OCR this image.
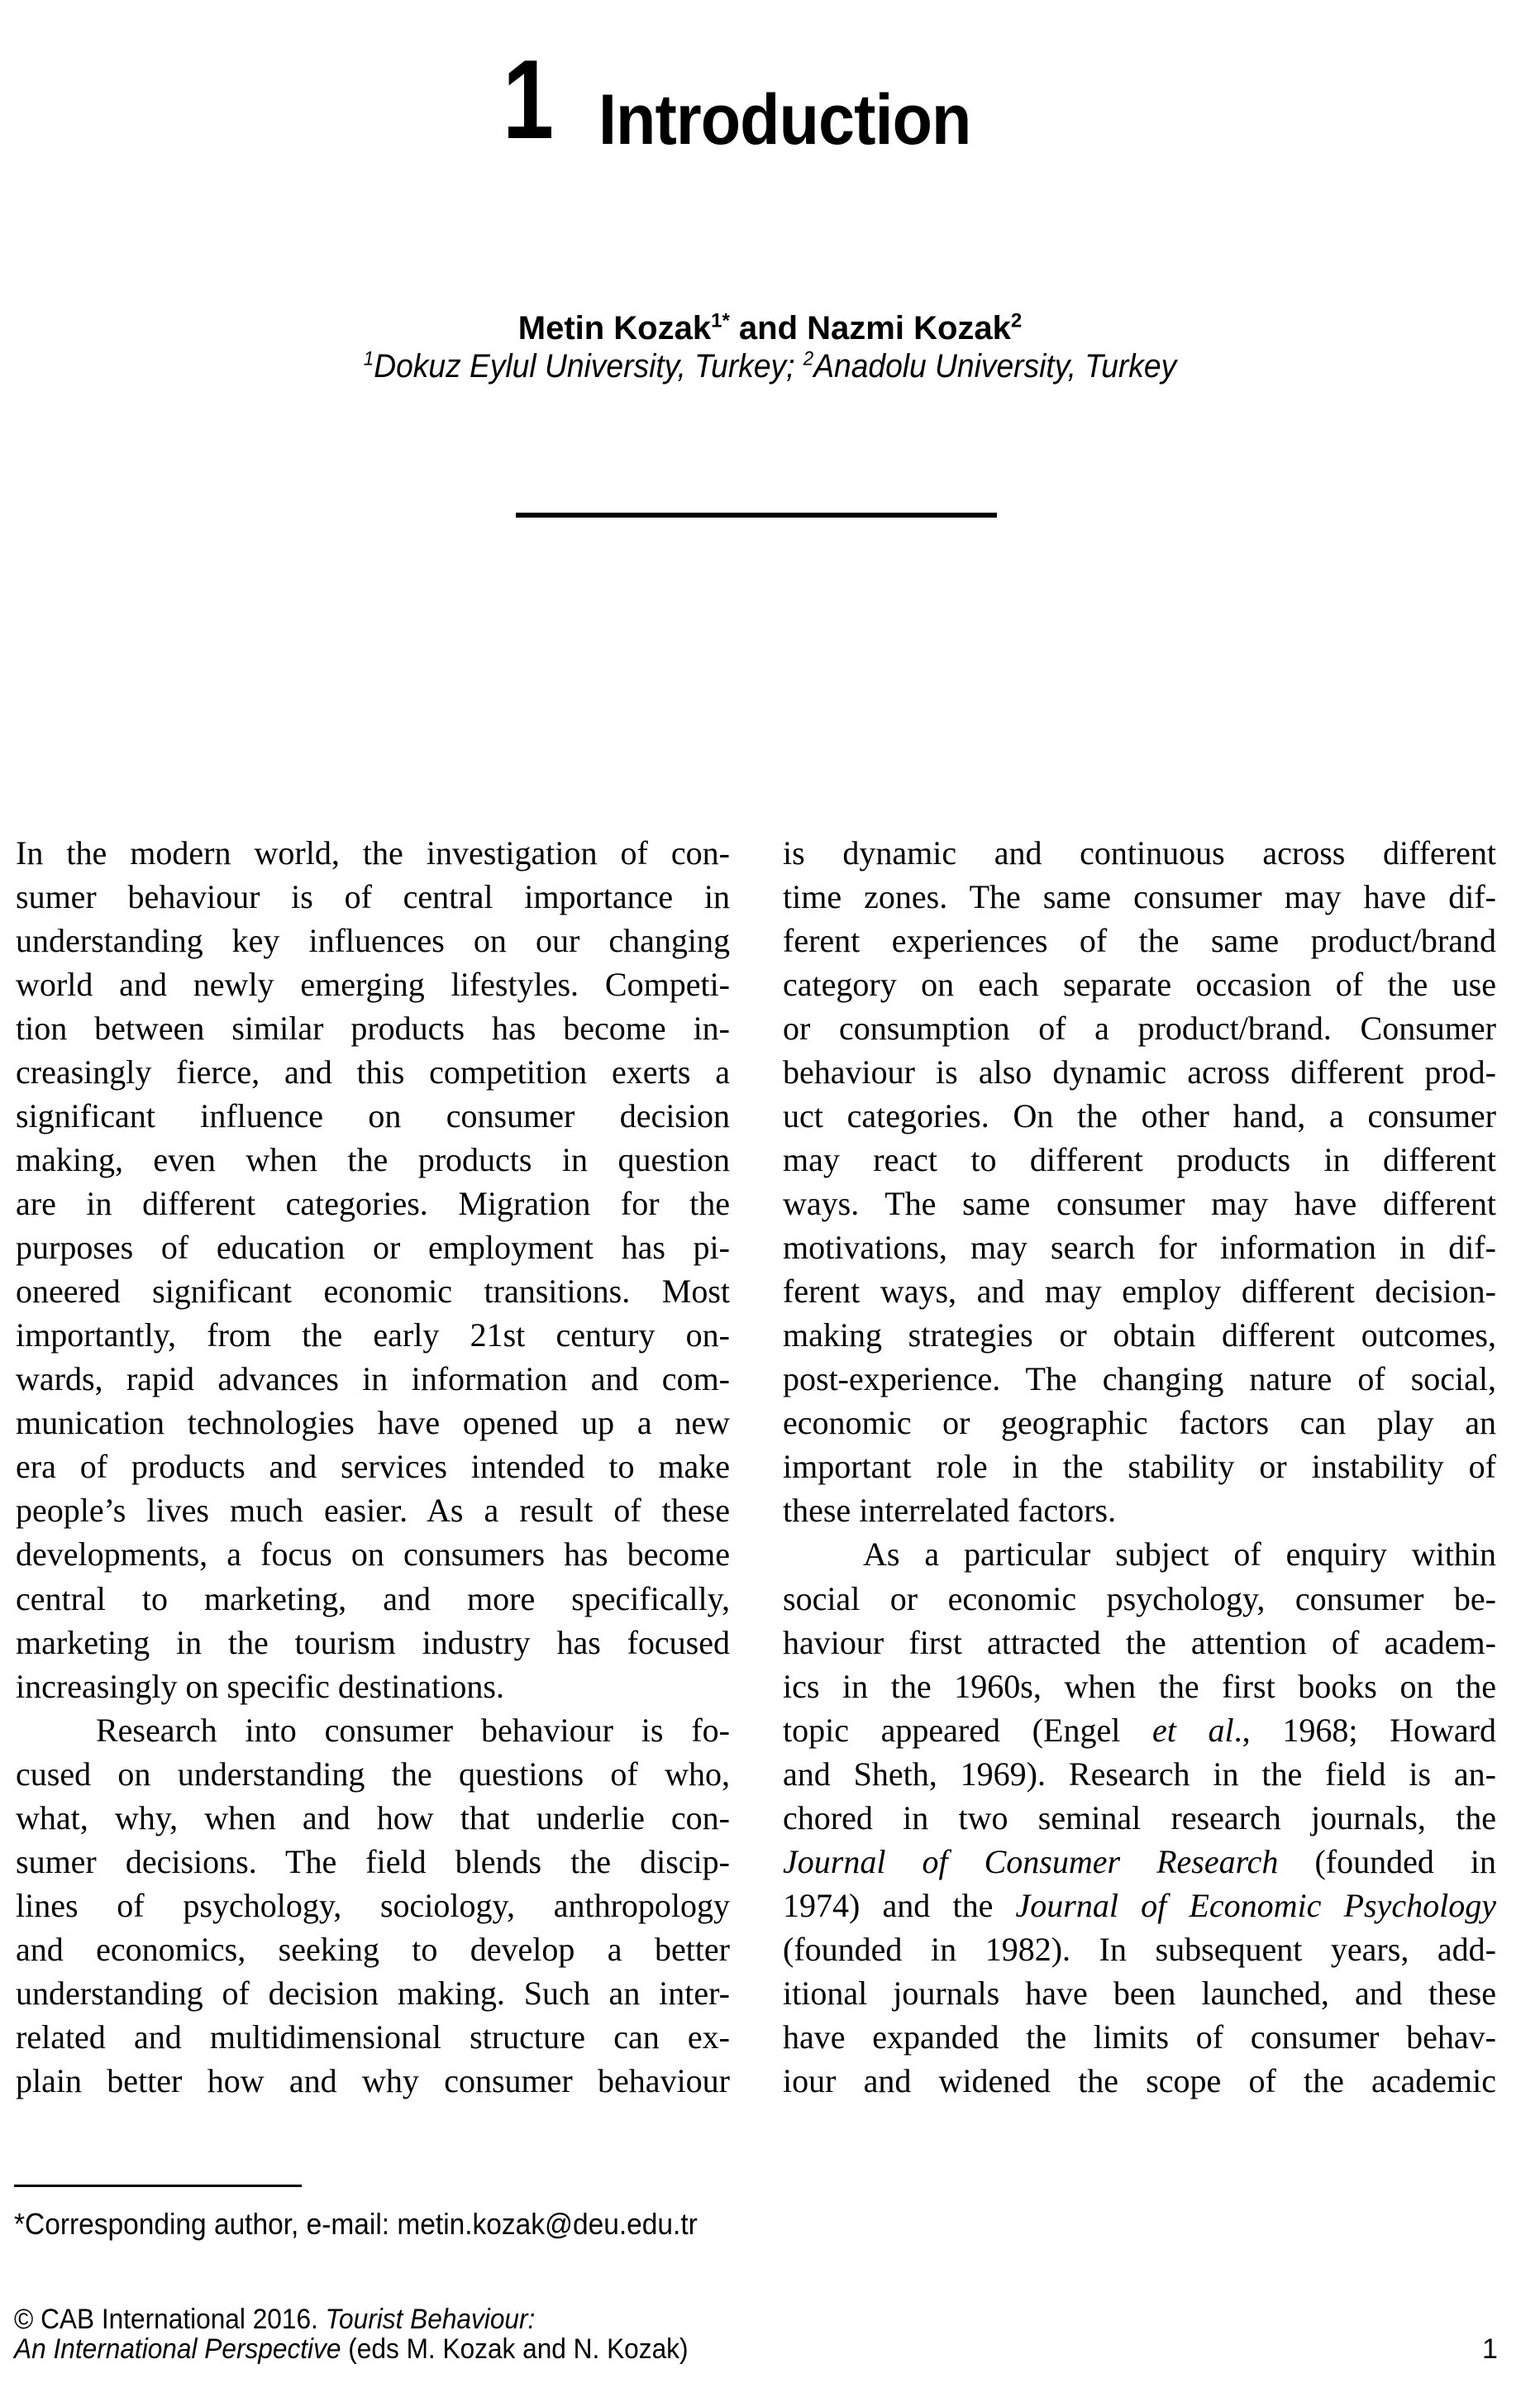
1 Introduction
Metin Kozak$^{1*}$ and Nazmi Kozak$^2$
$^1$Dokuz Eylul University, Turkey; $^2$Anadolu University, Turkey
In the modern world, the investigation of con-
sumer behaviour is of central importance in
understanding key influences on our changing
world and newly emerging lifestyles. Competi-
tion between similar products has become in-
creasingly fierce, and this competition exerts a
significant influence on consumer decision
making, even when the products in question
are in different categories. Migration for the
purposes of education or employment has pi-
oneered significant economic transitions. Most
importantly, from the early 21st century on-
wards, rapid advances in information and com-
munication technologies have opened up a new
era of products and services intended to make
people’s lives much easier. As a result of these
developments, a focus on consumers has become
central to marketing, and more specifically,
marketing in the tourism industry has focused
increasingly on specific destinations.
Research into consumer behaviour is fo-
cused on understanding the questions of who,
what, why, when and how that underlie con-
sumer decisions. The field blends the discip-
lines of psychology, sociology, anthropology
and economics, seeking to develop a better
understanding of decision making. Such an inter-
related and multidimensional structure can ex-
plain better how and why consumer behaviour
is dynamic and continuous across different
time zones. The same consumer may have dif-
ferent experiences of the same product/brand
category on each separate occasion of the use
or consumption of a product/brand. Consumer
behaviour is also dynamic across different prod-
uct categories. On the other hand, a consumer
may react to different products in different
ways. The same consumer may have different
motivations, may search for information in dif-
ferent ways, and may employ different decision-
making strategies or obtain different outcomes,
post-experience. The changing nature of social,
economic or geographic factors can play an
important role in the stability or instability of
these interrelated factors.
As a particular subject of enquiry within
social or economic psychology, consumer be-
haviour first attracted the attention of academ-
ics in the 1960s, when the first books on the
topic appeared (Engel et al., 1968; Howard
and Sheth, 1969). Research in the field is an-
chored in two seminal research journals, the
Journal of Consumer Research (founded in
1974) and the Journal of Economic Psychology
(founded in 1982). In subsequent years, add-
itional journals have been launched, and these
have expanded the limits of consumer behav-
iour and widened the scope of the academic
*Corresponding author, e-mail: metin.kozak@deu.edu.tr
© CAB International 2016. Tourist Behaviour:
An International Perspective (eds M. Kozak and N. Kozak)	1
